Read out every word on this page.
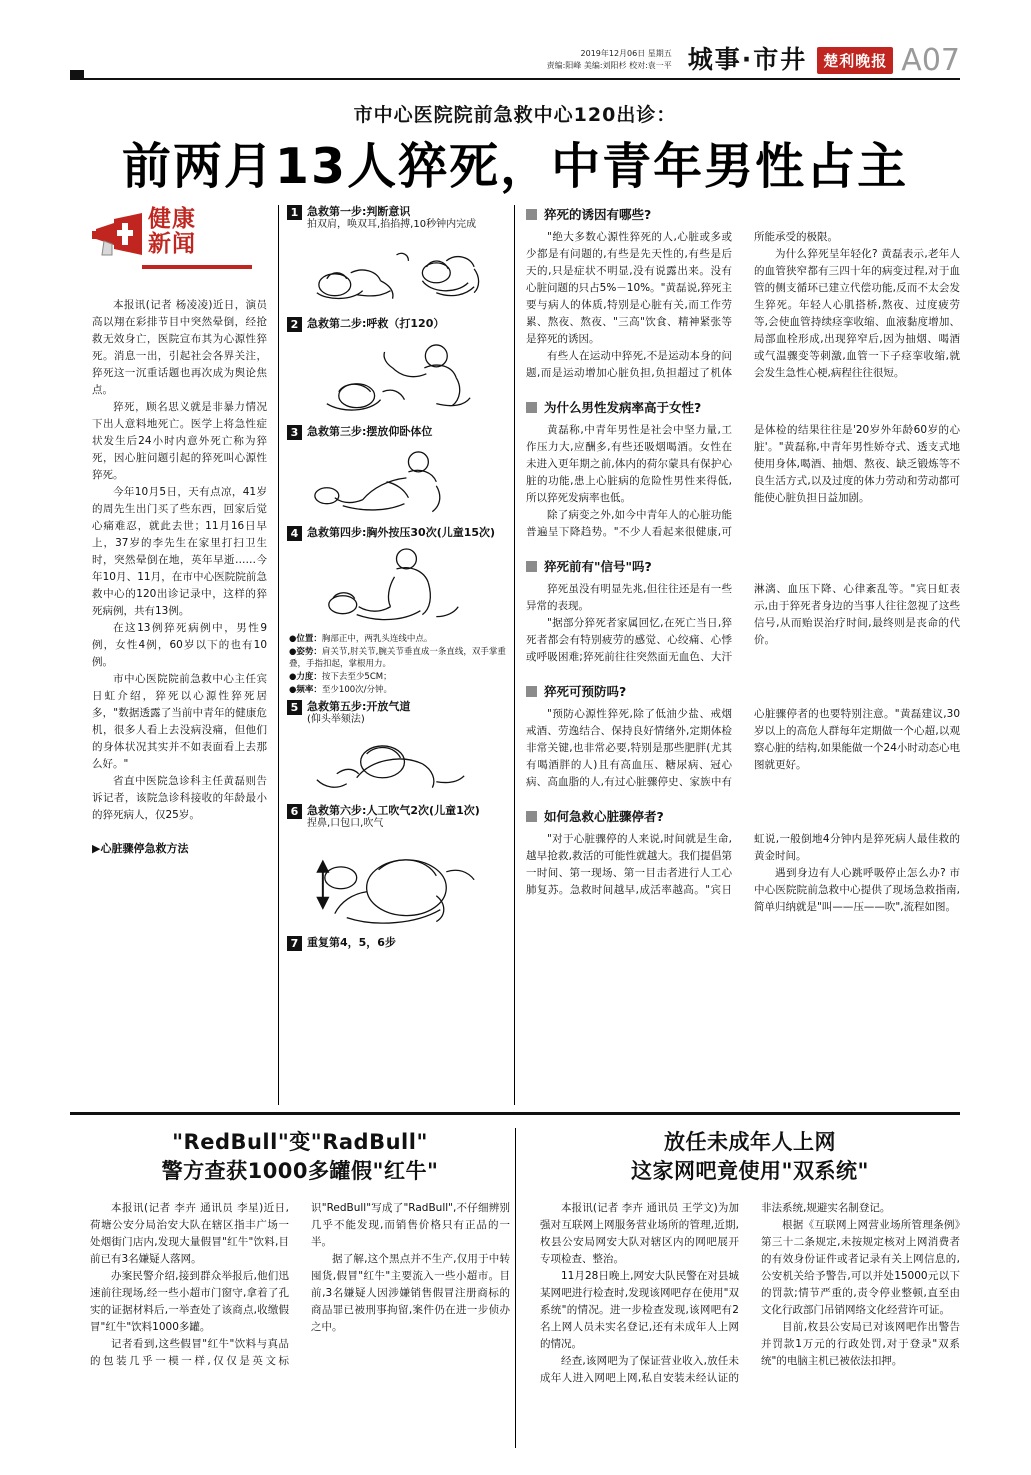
2019年12月06日 星期五
责编:阳峰 美编:刘阳杉 校对:袁一平 城事·市井	楚利晚报 A07
市中心医院院前急救中心120出诊：
前两月13人猝死，中青年男性占主
健康
新闻

本报讯(记者 杨凌凌)近日，演员高以翔在彩排节目中突然晕倒，经抢救无效身亡，医院宣布其为心源性猝死。消息一出，引起社会各界关注，猝死这一沉重话题也再次成为舆论焦点。

猝死，顾名思义就是非暴力情况下出人意料地死亡。医学上将急性症状发生后24小时内意外死亡称为猝死，因心脏问题引起的猝死叫心源性猝死。

今年10月5日，天有点凉，41岁的周先生出门买了些东西，回家后觉心痛难忍，就此去世；11月16日早上，37岁的李先生在家里打扫卫生时，突然晕倒在地，英年早逝……今年10月、11月，在市中心医院院前急救中心的120出诊记录中，这样的猝死病例，共有13例。

在这13例猝死病例中，男性9例，女性4例，60岁以下的也有10例。

市中心医院院前急救中心主任宾日虹介绍，猝死以心源性猝死居多，"数据透露了当前中青年的健康危机，很多人看上去没病没痛，但他们的身体状况其实并不如表面看上去那么好。"

省直中医院急诊科主任黄磊则告诉记者，该院急诊科接收的年龄最小的猝死病人，仅25岁。

▶心脏骤停急救方法
1 急救第一步:判断意识
拍双肩，唤双耳,掐掐搏,10秒钟内完成
2 急救第二步:呼救（打120）
3 急救第三步:摆放仰卧体位
4 急救第四步:胸外按压30次(儿童15次)
●位置：胸部正中，两乳头连线中点。
●姿势：肩关节,肘关节,腕关节垂直成一条直线，双手掌重叠，手指扣起，掌根用力。
●力度：按下去至少5CM；
●频率：至少100次/分钟。
5 急救第五步:开放气道
(仰头举颏法)
6 急救第六步:人工吹气2次(儿童1次)
捏鼻,口包口,吹气
7 重复第4，5，6步
猝死的诱因有哪些?

"绝大多数心源性猝死的人,心脏或多或少都是有问题的,有些是先天性的,有些是后天的,只是症状不明显,没有说露出来。没有心脏问题的只占5%－10%。"黄磊说,猝死主要与病人的体质,特别是心脏有关,而工作劳累、熬夜、熬夜、"三高"饮食、精神紧张等是猝死的诱因。

有些人在运动中猝死,不是运动本身的问题,而是运动增加心脏负担,负担超过了机体所能承受的极限。

为什么猝死呈年轻化? 黄磊表示,老年人的血管狭窄都有三四十年的病变过程,对于血管的侧支循环已建立代偿功能,反而不太会发生猝死。年轻人心肌搭桥,熬夜、过度疲劳等,会使血管持续痉挛收缩、血液黏度增加、局部血栓形成,出现猝窄后,因为抽烟、喝酒或气温骤变等刺激,血管一下子痉挛收缩,就会发生急性心梗,病程往往很短。

为什么男性发病率高于女性?

黄磊称,中青年男性是社会中坚力量,工作压力大,应酬多,有些还吸烟喝酒。女性在未进入更年期之前,体内的荷尔蒙具有保护心脏的功能,患上心脏病的危险性男性来得低,所以猝死发病率也低。

除了病变之外,如今中青年人的心脏功能普遍呈下降趋势。"不少人看起来很健康,可是体检的结果往往是'20岁外年龄60岁的心脏'。"黄磊称,中青年男性娇夺式、透支式地使用身体,喝酒、抽烟、熬夜、缺乏锻炼等不良生活方式,以及过度的体力劳动和劳动都可能使心脏负担日益加剧。

猝死前有"信号"吗?

猝死虽没有明显先兆,但往往还是有一些异常的表现。

"据部分猝死者家属回忆,在死亡当日,猝死者都会有特别疲劳的感觉、心绞痛、心悸或呼吸困难;猝死前往往突然面无血色、大汗淋漓、血压下降、心律紊乱等。"宾日虹表示,由于猝死者身边的当事人往往忽视了这些信号,从而贻误治疗时间,最终则是丧命的代价。

猝死可预防吗?

"预防心源性猝死,除了低油少盐、戒烟戒酒、劳逸结合、保持良好情绪外,定期体检非常关键,也非常必要,特别是那些肥胖(尤其有喝酒胖的人)且有高血压、糖尿病、冠心病、高血脂的人,有过心脏骤停史、家族中有心脏骤停者的也要特别注意。"黄磊建议,30岁以上的高危人群每年定期做一个心超,以观察心脏的结构,如果能做一个24小时动态心电图就更好。

如何急救心脏骤停者?

"对于心脏骤停的人来说,时间就是生命,越早抢救,救活的可能性就越大。我们提倡第一时间、第一现场、第一目击者进行人工心肺复苏。急救时间越早,成活率越高。"宾日虹说,一般倒地4分钟内是猝死病人最佳救的黄金时间。

遇到身边有人心跳呼吸停止怎么办? 市中心医院院前急救中心提供了现场急救指南,简单归纳就是"叫——压——吹",流程如图。

"RedBull"变"RadBull"
警方查获1000多罐假"红牛"

本报讯(记者 李卉 通讯员 李星)近日,荷塘公安分局治安大队在辖区指丰广场一处烟街门店内,发现大量假冒"红牛"饮料,目前已有3名嫌疑人落网。

办案民警介绍,接到群众举报后,他们迅速前往现场,经一些小超市门窗守,拿着了孔实的证据材料后,一举查处了该商点,收缴假冒"红牛"饮料1000多罐。

记者看到,这些假冒"红牛"饮料与真品的包装几乎一模一样,仅仅是英文标识"RedBull"写成了"RadBull",不仔细辨别几乎不能发现,而销售价格只有正品的一半。

据了解,这个黑点并不生产,仅用于中转囤货,假冒"红牛"主要流入一些小超市。目前,3名嫌疑人因涉嫌销售假冒注册商标的商品罪已被刑事拘留,案件仍在进一步侦办之中。

放任未成年人上网
这家网吧竟使用"双系统"

本报讯(记者 李卉 通讯员 王学文)为加强对互联网上网服务营业场所的管理,近期,枚县公安局网安大队对辖区内的网吧展开专项检查、整治。

11月28日晚上,网安大队民警在对县城某网吧进行检查时,发现该网吧存在使用"双系统"的情况。进一步检查发现,该网吧有2名上网人员未实名登记,还有未成年人上网的情况。

经查,该网吧为了保证营业收入,放任未成年人进入网吧上网,私自安装未经认证的非法系统,规避实名制登记。

根据《互联网上网营业场所管理条例》第三十二条规定,未按规定核对上网消费者的有效身份证件或者记录有关上网信息的,公安机关给予警告,可以并处15000元以下的罚款;情节严重的,责令停业整顿,直至由文化行政部门吊销网络文化经营许可证。

目前,枚县公安局已对该网吧作出警告并罚款1万元的行政处罚,对于登录"双系统"的电脑主机已被依法扣押。
